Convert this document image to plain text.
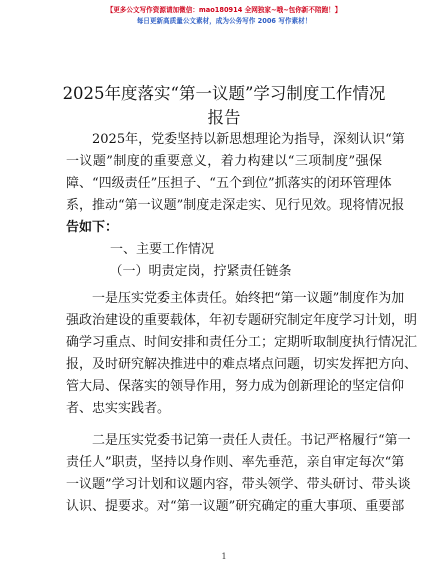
【更多公文写作资源请加微信：mao180914 全网独家~哦~包你新不陪跑！】
每日更新高质量公文素材，成为公务写作 2006 写作素材！
2025年度落实“第一议题”学习制度工作情况
报告
　　2025年，党委坚持以新思想理论为指导，深刻认识“第
一议题”制度的重要意义，着力构建以“三项制度”强保
障、“四级责任”压担子、“五个到位”抓落实的闭环管理体
系，推动“第一议题”制度走深走实、见行见效。现将情况报
告如下：
　　一、主要工作情况
　　（一）明责定岗，拧紧责任链条
　　一是压实党委主体责任。始终把“第一议题”制度作为加
强政治建设的重要载体，年初专题研究制定年度学习计划，明
确学习重点、时间安排和责任分工；定期听取制度执行情况汇
报，及时研究解决推进中的难点堵点问题，切实发挥把方向、
管大局、保落实的领导作用，努力成为创新理论的坚定信仰
者、忠实实践者。
　　二是压实党委书记第一责任人责任。书记严格履行“第一
责任人”职责，坚持以身作则、率先垂范，亲自审定每次“第
一议题”学习计划和议题内容，带头领学、带头研讨、带头谈
认识、提要求。对“第一议题”研究确定的重大事项、重要部
1
